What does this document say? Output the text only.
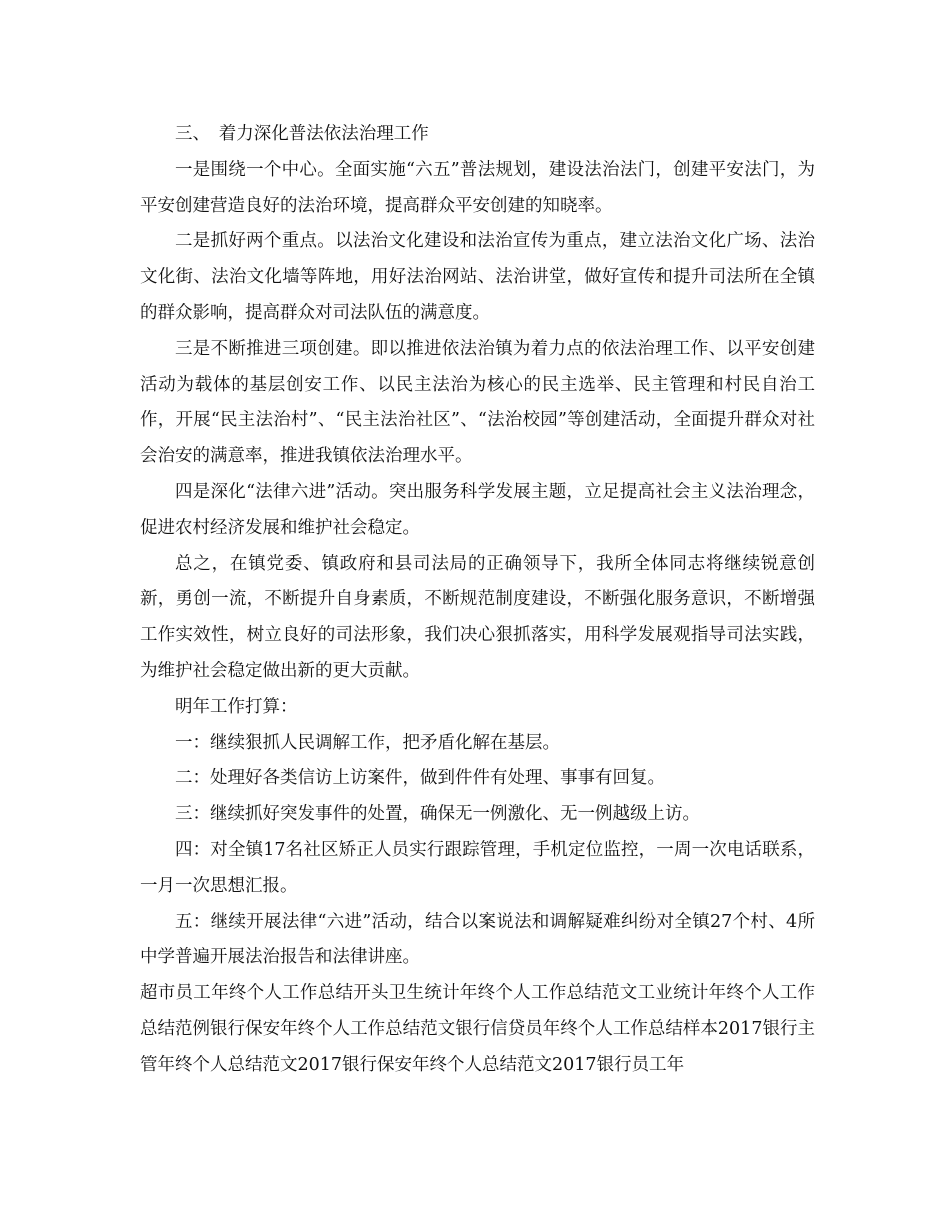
三、　着力深化普法依法治理工作

一是围绕一个中心。全面实施“六五”普法规划，建设法治法门，创建平安法门，为平安创建营造良好的法治环境，提高群众平安创建的知晓率。

二是抓好两个重点。以法治文化建设和法治宣传为重点，建立法治文化广场、法治文化街、法治文化墙等阵地，用好法治网站、法治讲堂，做好宣传和提升司法所在全镇的群众影响，提高群众对司法队伍的满意度。

三是不断推进三项创建。即以推进依法治镇为着力点的依法治理工作、以平安创建活动为载体的基层创安工作、以民主法治为核心的民主选举、民主管理和村民自治工作，开展“民主法治村”、“民主法治社区”、“法治校园”等创建活动，全面提升群众对社会治安的满意率，推进我镇依法治理水平。

四是深化“法律六进”活动。突出服务科学发展主题，立足提高社会主义法治理念，促进农村经济发展和维护社会稳定。

总之，在镇党委、镇政府和县司法局的正确领导下，我所全体同志将继续锐意创新，勇创一流，不断提升自身素质，不断规范制度建设，不断强化服务意识，不断增强工作实效性，树立良好的司法形象，我们决心狠抓落实，用科学发展观指导司法实践，为维护社会稳定做出新的更大贡献。

明年工作打算：

一：继续狠抓人民调解工作，把矛盾化解在基层。

二：处理好各类信访上访案件，做到件件有处理、事事有回复。

三：继续抓好突发事件的处置，确保无一例激化、无一例越级上访。

四：对全镇17名社区矫正人员实行跟踪管理，手机定位监控，一周一次电话联系，一月一次思想汇报。

五：继续开展法律“六进”活动，结合以案说法和调解疑难纠纷对全镇27个村、4所中学普遍开展法治报告和法律讲座。

超市员工年终个人工作总结开头卫生统计年终个人工作总结范文工业统计年终个人工作总结范例银行保安年终个人工作总结范文银行信贷员年终个人工作总结样本2017银行主管年终个人总结范文2017银行保安年终个人总结范文2017银行员工年
